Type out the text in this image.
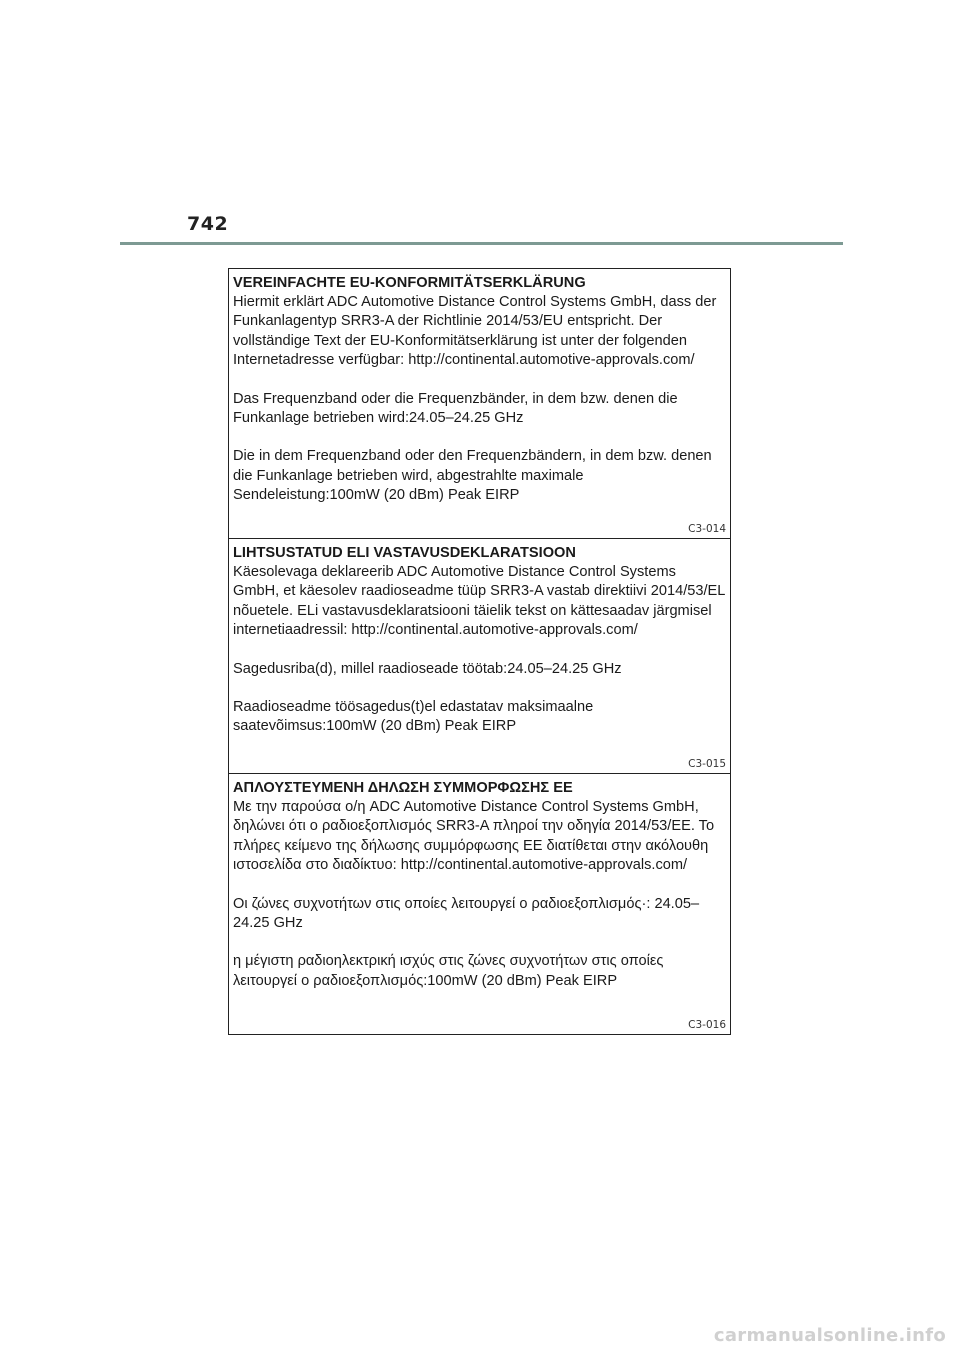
742

VEREINFACHTE EU-KONFORMITÄTSERKLÄRUNG

Hiermit erklärt ADC Automotive Distance Control Systems GmbH, dass der Funkanlagentyp SRR3-A der Richtlinie 2014/53/EU entspricht. Der vollständige Text der EU-Konformitätserklärung ist unter der folgenden Internetadresse verfügbar: http://continental.automotive-approvals.com/

Das Frequenzband oder die Frequenzbänder, in dem bzw. denen die Funkanlage betrieben wird:24.05–24.25 GHz

Die in dem Frequenzband oder den Frequenzbändern, in dem bzw. denen die Funkanlage betrieben wird, abgestrahlte maximale Sendeleistung:100mW (20 dBm) Peak EIRP

C3-014

LIHTSUSTATUD ELI VASTAVUSDEKLARATSIOON

Käesolevaga deklareerib ADC Automotive Distance Control Systems GmbH, et käesolev raadioseadme tüüp SRR3-A vastab direktiivi 2014/53/EL nõuetele. ELi vastavusdeklaratsiooni täielik tekst on kättesaadav järgmisel internetiaadressil: http://continental.automotive-approvals.com/

Sagedusriba(d), millel raadioseade töötab:24.05–24.25 GHz

Raadioseadme töösagedus(t)el edastatav maksimaalne saatevõimsus:100mW (20 dBm) Peak EIRP

C3-015

ΑΠΛΟΥΣΤΕΥΜΕΝΗ ΔΗΛΩΣΗ ΣΥΜΜΟΡΦΩΣΗΣ ΕΕ

Με την παρούσα ο/η ADC Automotive Distance Control Systems GmbH, δηλώνει ότι ο ραδιοεξοπλισμός SRR3-A πληροί την οδηγία 2014/53/ΕΕ. Το πλήρες κείμενο της δήλωσης συμμόρφωσης ΕΕ διατίθεται στην ακόλουθη ιστοσελίδα στο διαδίκτυο: http://continental.automotive-approvals.com/

Οι ζώνες συχνοτήτων στις οποίες λειτουργεί ο ραδιοεξοπλισμός·: 24.05–24.25 GHz

η μέγιστη ραδιοηλεκτρική ισχύς στις ζώνες συχνοτήτων στις οποίες λειτουργεί ο ραδιοεξοπλισμός:100mW (20 dBm) Peak EIRP

C3-016
carmanualsonline.info
